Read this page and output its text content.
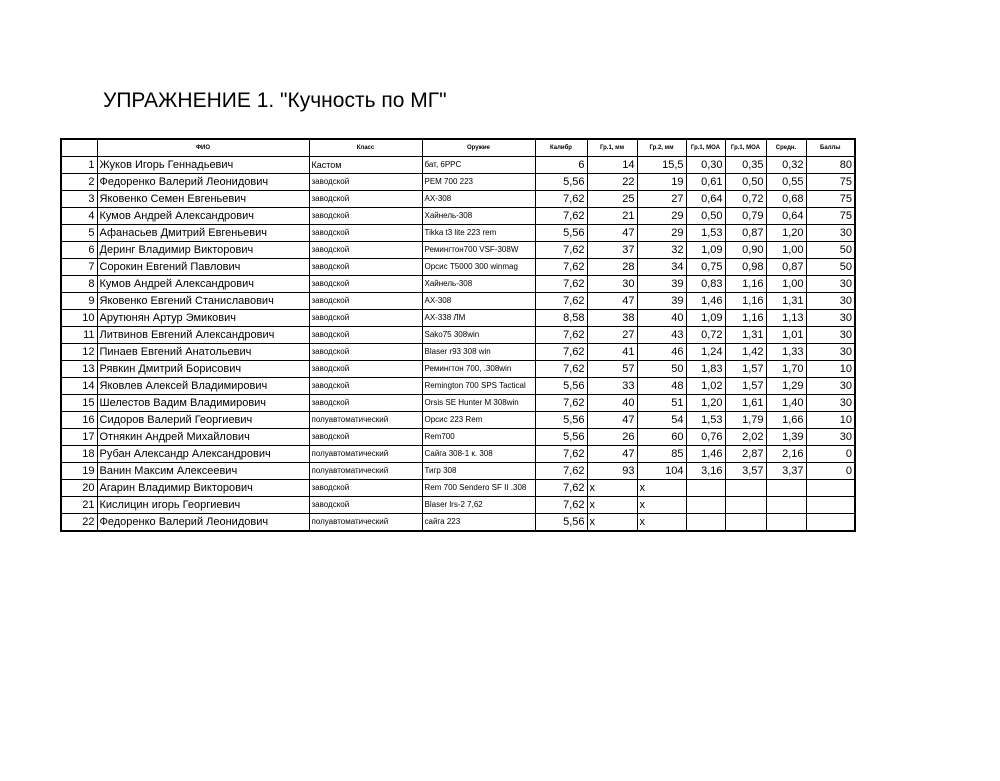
УПРАЖНЕНИЕ 1. "Кучность по МГ"
	ФИО	Класс	Оружие	Калибр	Гр.1, мм	Гр.2, мм	Гр.1, MOA	Гр.1, MOA	Средн.	Баллы
1	Жуков Игорь Геннадьевич	Кастом	бат, 6PPC	6	14	15,5	0,30	0,35	0,32	80
2	Федоренко Валерий Леонидович	заводской	РЕМ 700 223	5,56	22	19	0,61	0,50	0,55	75
3	Яковенко Семен Евгеньевич	заводской	АХ-308	7,62	25	27	0,64	0,72	0,68	75
4	Кумов Андрей Александрович	заводской	Хайнель-308	7,62	21	29	0,50	0,79	0,64	75
5	Афанасьев Дмитрий Евгеньевич	заводской	Tikka t3 lite 223 rem	5,56	47	29	1,53	0,87	1,20	30
6	Деринг Владимир Викторович	заводской	Ремингтон700 VSF-308W	7,62	37	32	1,09	0,90	1,00	50
7	Сорокин Евгений Павлович	заводской	Орсис Т5000 300 winmag	7,62	28	34	0,75	0,98	0,87	50
8	Кумов Андрей Александрович	заводской	Хайнель-308	7,62	30	39	0,83	1,16	1,00	30
9	Яковенко Евгений Станиславович	заводской	АХ-308	7,62	47	39	1,46	1,16	1,31	30
10	Арутюнян Артур Эмикович	заводской	АХ-338 ЛМ	8,58	38	40	1,09	1,16	1,13	30
11	Литвинов Евгений Александрович	заводской	Sako75 308win	7,62	27	43	0,72	1,31	1,01	30
12	Пинаев Евгений Анатольевич	заводской	Blaser r93 308 win	7,62	41	46	1,24	1,42	1,33	30
13	Рявкин Дмитрий Борисович	заводской	Ремингтон 700, .308win	7,62	57	50	1,83	1,57	1,70	10
14	Яковлев Алексей Владимирович	заводской	Remington 700 SPS Tactical	5,56	33	48	1,02	1,57	1,29	30
15	Шелестов Вадим Владимирович	заводской	Orsis SE Hunter M 308win	7,62	40	51	1,20	1,61	1,40	30
16	Сидоров Валерий Георгиевич	полуавтоматический	Орсис 223 Rem	5,56	47	54	1,53	1,79	1,66	10
17	Отнякин Андрей Михайлович	заводской	Rem700	5,56	26	60	0,76	2,02	1,39	30
18	Рубан Александр Александрович	полуавтоматический	Сайга 308-1 к. 308	7,62	47	85	1,46	2,87	2,16	0
19	Ванин Максим Алексеевич	полуавтоматический	Тигр 308	7,62	93	104	3,16	3,57	3,37	0
20	Агарин Владимир Викторович	заводской	Rem 700 Sendero SF II .308	7,62	x	x				
21	Кислицин игорь Георгиевич	заводской	Blaser lrs-2 7,62	7,62	x	x				
22	Федоренко Валерий Леонидович	полуавтоматический	сайга 223	5,56	x	x				
